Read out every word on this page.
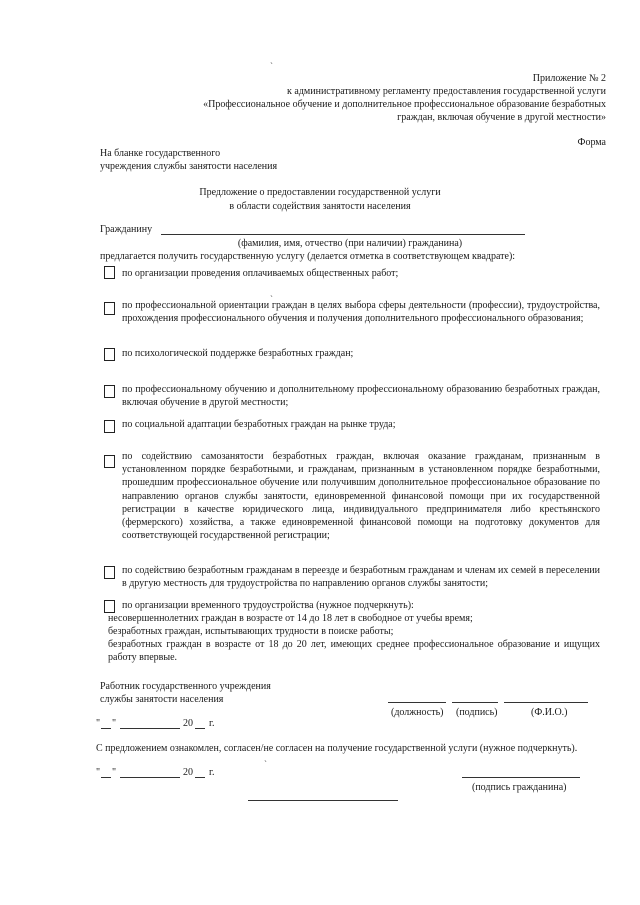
ˏ
Приложение № 2
к административному регламенту предоставления государственной услуги
«Профессиональное обучение и дополнительное профессиональное образование безработных
граждан, включая обучение в другой местности»
Форма
На бланке государственного
учреждения службы занятости населения
Предложение о предоставлении государственной услуги
в области содействия занятости населения
Гражданину
(фамилия, имя, отчество (при наличии) гражданина)
предлагается получить государственную услугу (делается отметка в соответствующем квадрате):
по организации проведения оплачиваемых общественных работ;
ˏ
по профессиональной ориентации граждан в целях выбора сферы деятельности (профессии), трудоустройства, прохождения профессионального обучения и получения дополнительного профессионального образования;
по психологической поддержке безработных граждан;
по профессиональному обучению и дополнительному профессиональному образованию безработных граждан, включая обучение в другой местности;
по социальной адаптации безработных граждан на рынке труда;
по содействию самозанятости безработных граждан, включая оказание гражданам, признанным в установленном порядке безработными, и гражданам, признанным в установленном порядке безработными, прошедшим профессиональное обучение или получившим дополнительное профессиональное образование по направлению органов службы занятости, единовременной финансовой помощи при их государственной регистрации в качестве юридического лица, индивидуального предпринимателя либо крестьянского (фермерского) хозяйства, а также единовременной финансовой помощи на подготовку документов для соответствующей государственной регистрации;
по содействию безработным гражданам в переезде и безработным гражданам и членам их семей в переселении в другую местность для трудоустройства по направлению органов службы занятости;
по организации временного трудоустройства (нужное подчеркнуть):
несовершеннолетних граждан в возрасте от 14 до 18 лет в свободное от учебы время;
безработных граждан, испытывающих трудности в поиске работы;
безработных граждан в возрасте от 18 до 20 лет, имеющих среднее профессиональное образование и ищущих работу впервые.
Работник государственного учреждения
службы занятости населения
(должность) (подпись)	(Ф.И.О.)
" "	20 г.
С предложением ознакомлен, согласен/не согласен на получение государственной услуги (нужное подчеркнуть).
ˏ
" "	20 г.
(подпись гражданина)
